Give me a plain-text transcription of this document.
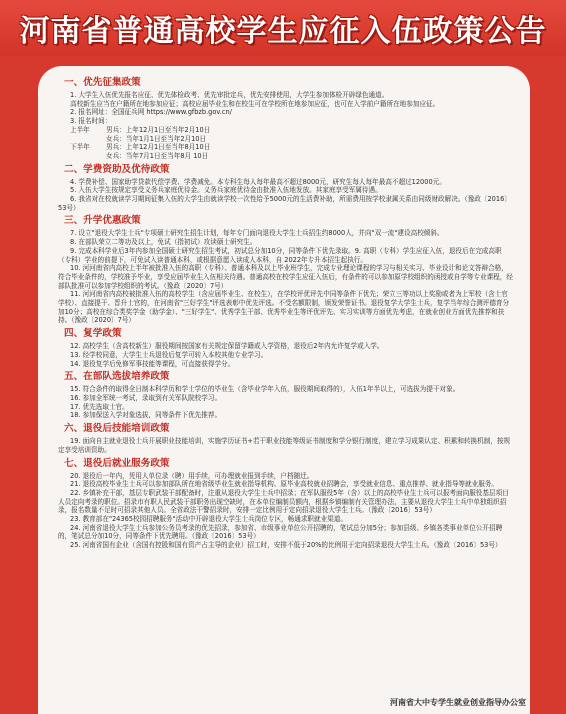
河南省普通高校学生应征入伍政策公告
一、优先征集政策

1. 大学生入伍优先报名应征、优先体检政考、优先审批定兵，优先安排使用，大学生参加体检开辟绿色通道。

高校新生应当在户籍所在地参加应征；高校应届毕业生和在校生可在学校所在地参加应征，也可在入学前户籍所在地参加应征。

2. 报名网址：全国征兵网 https://www.gfbzb.gov.cn/

3. 报名时间：

上半年	男兵：上年12月1日至当年2月10日
女兵：当年1月1日至当年2月10日
下半年	男兵：上年12月1日至当年8月10日
女兵：当年7月1日至当年8月 10日
二、学费资助及优待政策

4. 学费补偿、国家助学贷款代偿学费、学费减免。本专科生每人每年最高不超过8000元，研究生每人每年最高不超过12000元。

5. 入伍大学生按规定享受义务兵家庭优待金。义务兵家庭优待金由批准入伍地发放。其家庭享受军属待遇。

6. 我省对在校就读学习期间征集入伍的大学生由就读学校一次性给予5000元的生活费补助，所需费用按学校隶属关系由同级财政解决。（豫政〔2016〕53号）

三、升学优惠政策

7. 设立"退役大学生士兵"专项硕士研究生招生计划，每年专门面向退役大学生士兵招生约8000人，并向"双一流"建设高校倾斜。

8. 在部队荣立二等功及以上，免试（指初试）攻读硕士研究生。

9. 完成本科学业后3年内参加全国硕士研究生招生考试，初试总分加10分，同等条件下优先录取。9. 高职（专科）学生应征入伍，退役后在完成高职（专科）学业的前提下，可免试入读普通本科，或根据意愿入读成人本科，自 2022年专升本招生起执行。

10. 河河南省内高校上半年被批准入伍的高职（专科）、普通本科及以上毕业班学生，完成专业理论课程的学习与相关实习、毕业设计和论文答辩合格，符合毕业条件的，学校准予毕业，享受应届毕业生入伍相关待遇。普通高校在校学生应征入伍后，有条件的可以参加原学校组织的函授或自学等专业课程，经部队批准可以参加学校组织的考试。（豫政〔2020〕7号）

11. 河河南省内高校被批准入伍的高校学生（含应届毕业生、在校生），在学校评优评先中同等条件下优先；荣立三等功以上奖励或者为上军校（含士官学校）、直接提干、晋升士官的，在河南省"三好学生"评选表彰中优先评选。不受名额限制，颁发荣誉证书。退役复学大学生士兵，复学当年综合测评德育分加10分；高校在综合类奖学金（助学金）、"三好学生"、优秀学生干部、优秀毕业生等评优评先、实习实训等方面优先考虑，在就业创业方面优先推荐和扶持。（豫政〔2020〕7号）

四、复学政策

12. 高校学生（含高校新生）服役期间按国家有关规定保留学籍或入学资格，退役后2年内允许复学或入学。

13. 经学校同意，大学生士兵退役后复学可转入本校其他专业学习。

14. 退役复学后免修军事技能等课程，可直接获得学分。

五、在部队选拔培养政策

15. 符合条件的取得全日制本科学历和学士学位的毕业生（含毕业学年入伍，服役期间取得的），入伍1年半以上，可选拔为提干对象。

16. 参加全军统一考试，录取到有关军队院校学习。

17. 优先选取士官。

18. 参加保送入学对象选拔，同等条件下优先推荐。

六、退役后技能培训政策

19. 面向自主就业退役士兵开展职业技能培训，实施学历证书+若干职业技能等级证书制度和学分银行制度，建立学习成果认定、积累和转换机制，按规定享受培训资助。

七、退役后就业服务政策

20. 退役后一年内，凭用人单位录（聘）用手续，可办理就业报到手续，户档随迁。

21. 退役高校毕业生士兵可以参加部队所在地省级毕业生就业指导机构、原毕业高校就业招聘会，享受就业信息、重点推荐、就业指导等就业服务。

22. 乡镇补充干部，基层专职武装干部配备时，注重从退役大学生士兵中招录；在军队服役5年（含）以上的高校毕业生士兵可以报考面向服役基层项目人员定向考录的职位。招录市有职人民武装干部职务出现空缺时，在本单位编制员额内，根据乡镇编制有关管理办法，主要从退役大学生士兵中单独组织招录，报名数量不足时可招录其他人员。全省政法干警招录时，安排一定比例用于定向招录退役大学生士兵。（豫政〔2016〕53号）

23. 教育部在"24365校园招聘服务"活动中开辟退役大学生士兵岗位专区，畅通求职就业渠道。

24. 河南省退役大学生士兵参加公务员考录的优先招录，参加省、市级事业单位公开招聘的，笔试总分加5分；参加县级、乡镇各类事业单位公开招聘的，笔试总分加10分，同等条件下优先聘用。（豫政〔2016〕53号）

25. 河南省国有企业（含国有控股和国有资产占主导的企业）招工时，安排不低于20%的比例用于定向招录退役大学生士兵。（豫政〔2016〕53号）

河南省大中专学生就业创业指导办公室
